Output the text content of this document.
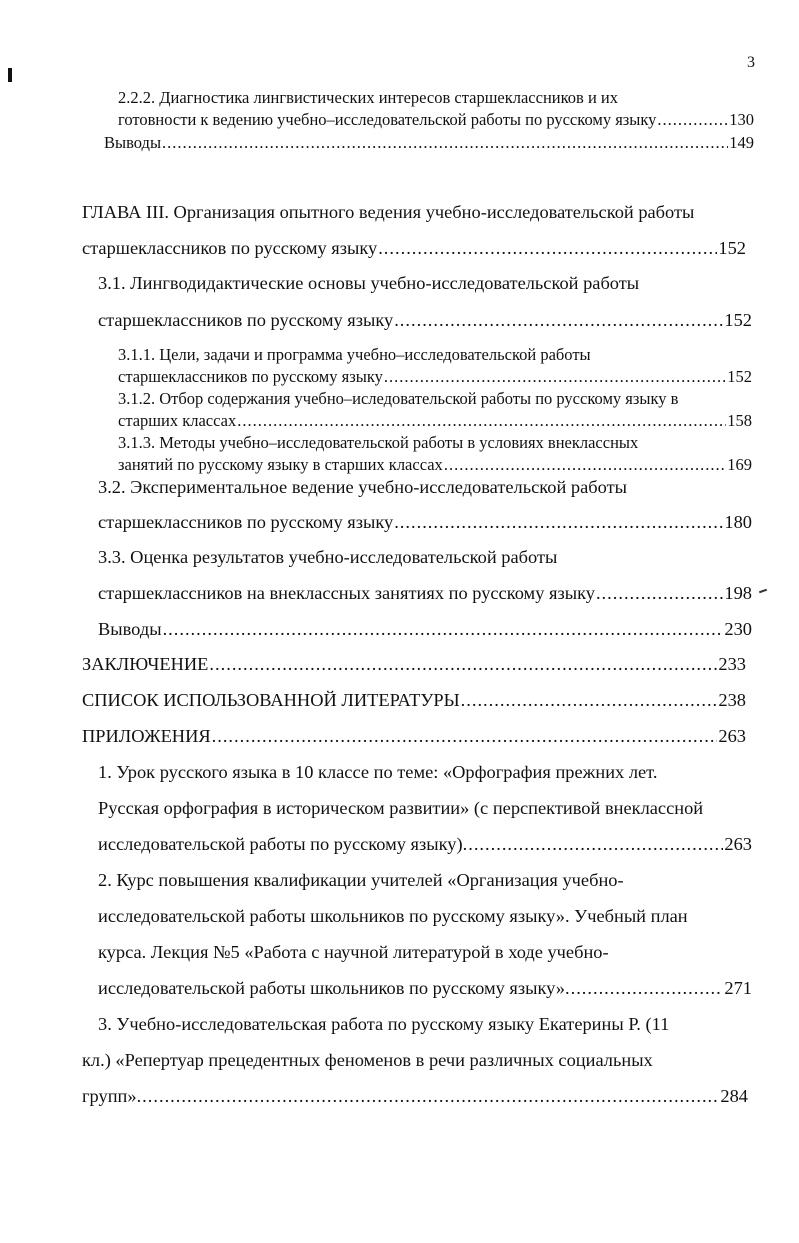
3
2.2.2. Диагностика лингвистических интересов старшеклассников и их
готовности к ведению учебно–исследовательской работы по русскому языку .....	130
Выводы .....	149
ГЛАВА III. Организация опытного ведения учебно-исследовательской работы
старшеклассников по русскому языку .....	152
3.1. Лингводидактические основы учебно-исследовательской работы
старшеклассников по русскому языку .....	152
3.1.1. Цели, задачи и программа учебно–исследовательской работы
старшеклассников по русскому языку .....	152
3.1.2. Отбор содержания учебно–иследовательской работы по русскому языку в
старших классах .....	158
3.1.3. Методы учебно–исследовательской работы в условиях внеклассных
занятий по русскому языку в старших классах .....	169
3.2. Экспериментальное ведение учебно-исследовательской работы
старшеклассников по русскому языку .....	180
3.3. Оценка результатов учебно-исследовательской работы
старшеклассников на внеклассных занятиях по русскому языку .....	198
Выводы .....	230
ЗАКЛЮЧЕНИЕ .....	233
СПИСОК ИСПОЛЬЗОВАННОЙ ЛИТЕРАТУРЫ .....	238
ПРИЛОЖЕНИЯ .....	263
1. Урок русского языка в 10 классе по теме: «Орфография прежних лет.
Русская орфография в историческом развитии» (с перспективой внеклассной
исследовательской работы по русскому языку). .....	263
2. Курс повышения квалификации учителей «Организация учебно-
исследовательской работы школьников по русскому языку». Учебный план
курса. Лекция №5 «Работа с научной литературой в ходе учебно-
исследовательской работы школьников по русскому языку». .....	271
3. Учебно-исследовательская работа по русскому языку Екатерины Р. (11
кл.) «Репертуар прецедентных феноменов в речи различных социальных
групп». .....	284
